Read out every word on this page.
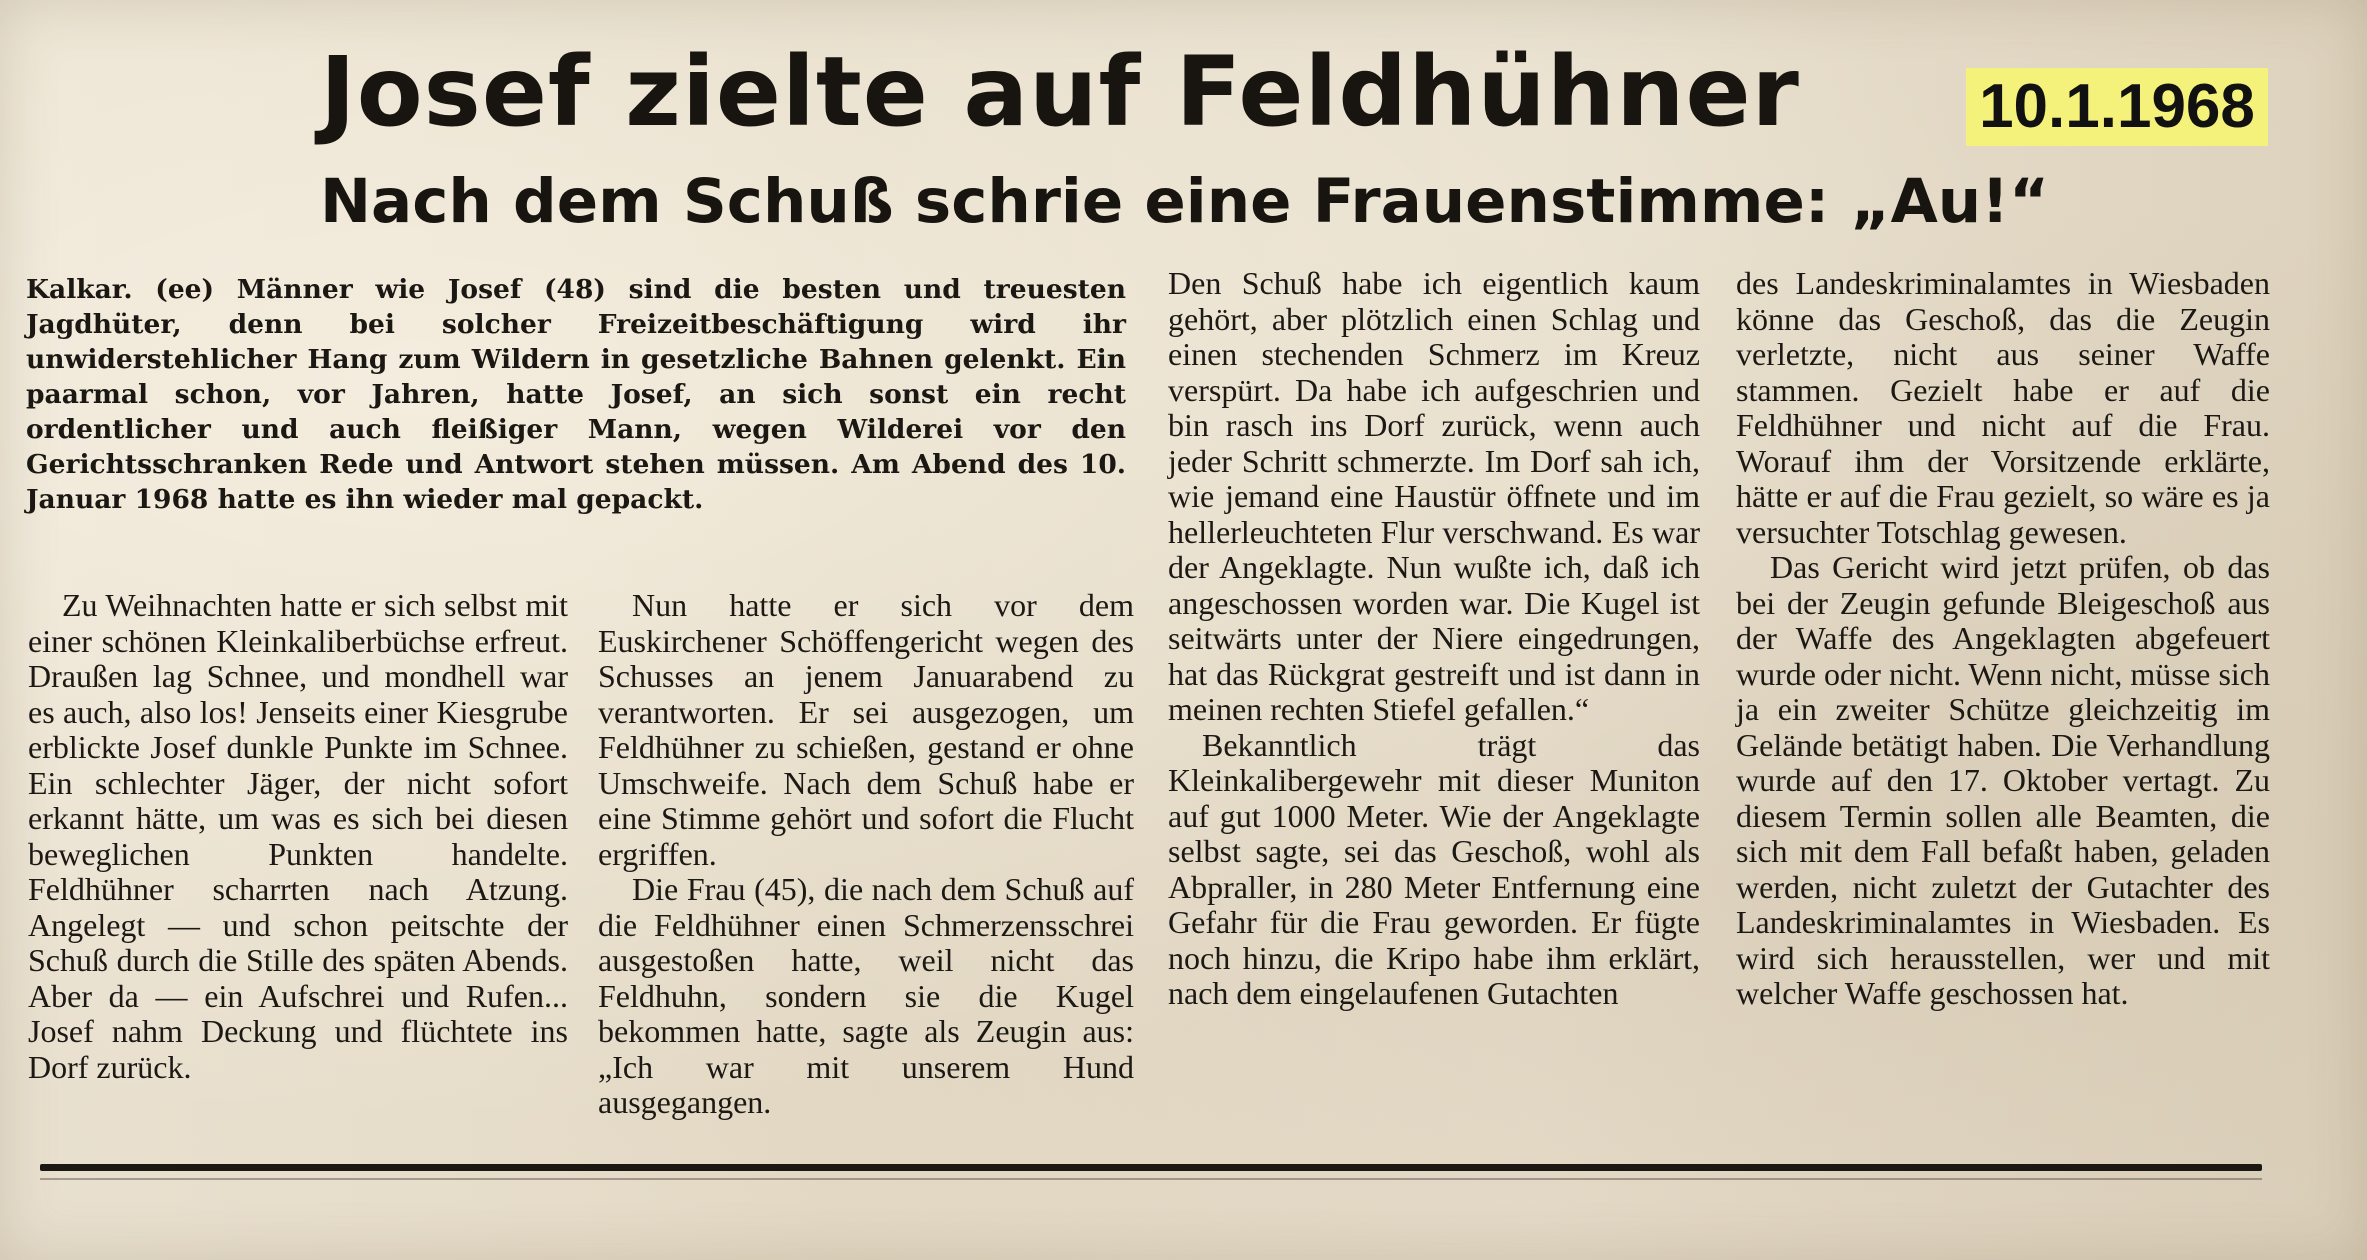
Josef zielte auf Feldhühner	10.1.1968
Nach dem Schuß schrie eine Frauenstimme: „Au!“

Kalkar. (ee) Männer wie Josef (48) sind die besten und treuesten Jagdhüter, denn bei solcher Freizeitbeschäftigung wird ihr unwiderstehlicher Hang zum Wildern in gesetzliche Bahnen gelenkt. Ein paarmal schon, vor Jahren, hatte Josef, an sich sonst ein recht ordentlicher und auch fleißiger Mann, wegen Wilderei vor den Gerichtsschranken Rede und Antwort stehen müssen. Am Abend des 10. Januar 1968 hatte es ihn wieder mal gepackt.

Zu Weihnachten hatte er sich selbst mit einer schönen Kleinkaliberbüchse erfreut. Draußen lag Schnee, und mondhell war es auch, also los! Jenseits einer Kiesgrube erblickte Josef dunkle Punkte im Schnee. Ein schlechter Jäger, der nicht sofort erkannt hätte, um was es sich bei diesen beweglichen Punkten handelte. Feldhühner scharrten nach Atzung. Angelegt — und schon peitschte der Schuß durch die Stille des späten Abends. Aber da — ein Aufschrei und Rufen... Josef nahm Deckung und flüchtete ins Dorf zurück.

Nun hatte er sich vor dem Euskirchener Schöffengericht wegen des Schusses an jenem Januarabend zu verantworten. Er sei ausgezogen, um Feldhühner zu schießen, gestand er ohne Umschweife. Nach dem Schuß habe er eine Stimme gehört und sofort die Flucht ergriffen.

Die Frau (45), die nach dem Schuß auf die Feldhühner einen Schmerzensschrei ausgestoßen hatte, weil nicht das Feldhuhn, sondern sie die Kugel bekommen hatte, sagte als Zeugin aus: „Ich war mit unserem Hund ausgegangen.

Den Schuß habe ich eigentlich kaum gehört, aber plötzlich einen Schlag und einen stechenden Schmerz im Kreuz verspürt. Da habe ich aufgeschrien und bin rasch ins Dorf zurück, wenn auch jeder Schritt schmerzte. Im Dorf sah ich, wie jemand eine Haustür öffnete und im hellerleuchteten Flur verschwand. Es war der Angeklagte. Nun wußte ich, daß ich angeschossen worden war. Die Kugel ist seitwärts unter der Niere eingedrungen, hat das Rückgrat gestreift und ist dann in meinen rechten Stiefel gefallen.“

Bekanntlich trägt das Kleinkalibergewehr mit dieser Muniton auf gut 1000 Meter. Wie der Angeklagte selbst sagte, sei das Geschoß, wohl als Abpraller, in 280 Meter Entfernung eine Gefahr für die Frau geworden. Er fügte noch hinzu, die Kripo habe ihm erklärt, nach dem eingelaufenen Gutachten

des Landeskriminalamtes in Wiesbaden könne das Geschoß, das die Zeugin verletzte, nicht aus seiner Waffe stammen. Gezielt habe er auf die Feldhühner und nicht auf die Frau. Worauf ihm der Vorsitzende erklärte, hätte er auf die Frau gezielt, so wäre es ja versuchter Totschlag gewesen.

Das Gericht wird jetzt prüfen, ob das bei der Zeugin gefunde Bleigeschoß aus der Waffe des Angeklagten abgefeuert wurde oder nicht. Wenn nicht, müsse sich ja ein zweiter Schütze gleichzeitig im Gelände betätigt haben. Die Verhandlung wurde auf den 17. Oktober vertagt. Zu diesem Termin sollen alle Beamten, die sich mit dem Fall befaßt haben, geladen werden, nicht zuletzt der Gutachter des Landeskriminalamtes in Wiesbaden. Es wird sich herausstellen, wer und mit welcher Waffe geschossen hat.
